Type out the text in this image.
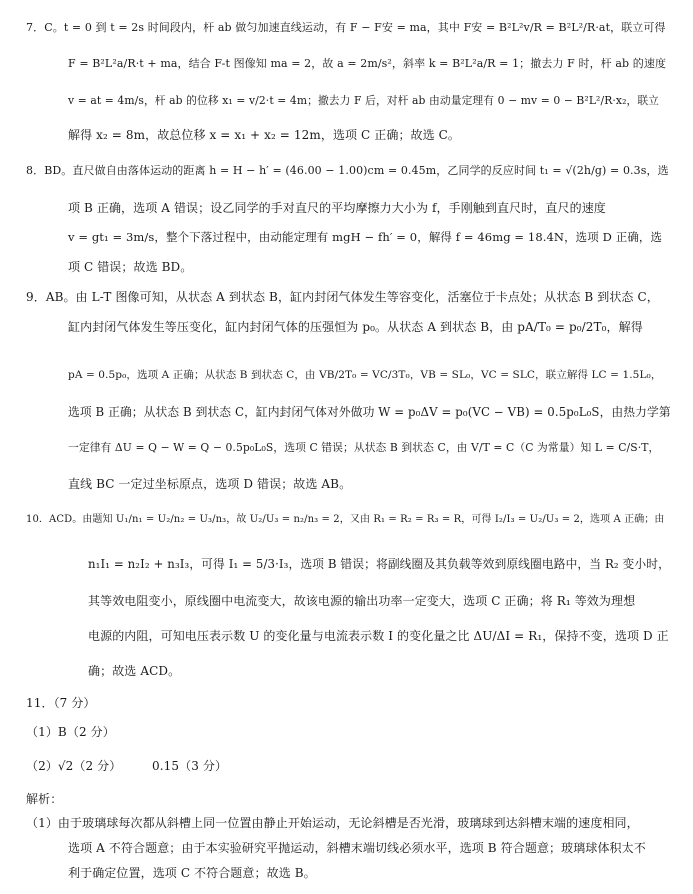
7．C。t = 0 到 t = 2s 时间段内，杆 ab 做匀加速直线运动，有 F − F安 = ma，其中 F安 = B²L²v/R = B²L²/R·at，联立可得
F = B²L²a/R·t + ma，结合 F-t 图像知 ma = 2，故 a = 2m/s²，斜率 k = B²L²a/R = 1；撤去力 F 时，杆 ab 的速度
v = at = 4m/s，杆 ab 的位移 x₁ = v/2·t = 4m；撤去力 F 后，对杆 ab 由动量定理有 0 − mv = 0 − B²L²/R·x₂，联立
解得 x₂ = 8m，故总位移 x = x₁ + x₂ = 12m，选项 C 正确；故选 C。
8．BD。直尺做自由落体运动的距离 h = H − h′ = (46.00 − 1.00)cm = 0.45m，乙同学的反应时间 t₁ = √(2h/g) = 0.3s，选
项 B 正确，选项 A 错误；设乙同学的手对直尺的平均摩擦力大小为 f，手刚触到直尺时，直尺的速度
v = gt₁ = 3m/s，整个下落过程中，由动能定理有 mgH − fh′ = 0，解得 f = 46mg = 18.4N，选项 D 正确，选
项 C 错误；故选 BD。
9．AB。由 L-T 图像可知，从状态 A 到状态 B，缸内封闭气体发生等容变化，活塞位于卡点处；从状态 B 到状态 C，
缸内封闭气体发生等压变化，缸内封闭气体的压强恒为 p₀。从状态 A 到状态 B，由 pA/T₀ = p₀/2T₀，解得
pA = 0.5p₀，选项 A 正确；从状态 B 到状态 C，由 VB/2T₀ = VC/3T₀，VB = SL₀，VC = SLC，联立解得 LC = 1.5L₀，
选项 B 正确；从状态 B 到状态 C，缸内封闭气体对外做功 W = p₀ΔV = p₀(VC − VB) = 0.5p₀L₀S，由热力学第
一定律有 ΔU = Q − W = Q − 0.5p₀L₀S，选项 C 错误；从状态 B 到状态 C，由 V/T = C（C 为常量）知 L = C/S·T，
直线 BC 一定过坐标原点，选项 D 错误；故选 AB。
10．ACD。由题知 U₁/n₁ = U₂/n₂ = U₃/n₃，故 U₂/U₃ = n₂/n₃ = 2，又由 R₁ = R₂ = R₃ = R，可得 I₂/I₃ = U₂/U₃ = 2，选项 A 正确；由
n₁I₁ = n₂I₂ + n₃I₃，可得 I₁ = 5/3·I₃，选项 B 错误；将副线圈及其负载等效到原线圈电路中，当 R₂ 变小时，
其等效电阻变小，原线圈中电流变大，故该电源的输出功率一定变大，选项 C 正确；将 R₁ 等效为理想
电源的内阻，可知电压表示数 U 的变化量与电流表示数 I 的变化量之比 ΔU/ΔI = R₁，保持不变，选项 D 正
确；故选 ACD。
11．（7 分）
（1）B（2 分）
（2）√2（2 分）	0.15（3 分）
解析：
（1）由于玻璃球每次都从斜槽上同一位置由静止开始运动，无论斜槽是否光滑，玻璃球到达斜槽末端的速度相同，
选项 A 不符合题意；由于本实验研究平抛运动，斜槽末端切线必须水平，选项 B 符合题意；玻璃球体积太不
利于确定位置，选项 C 不符合题意；故选 B。
